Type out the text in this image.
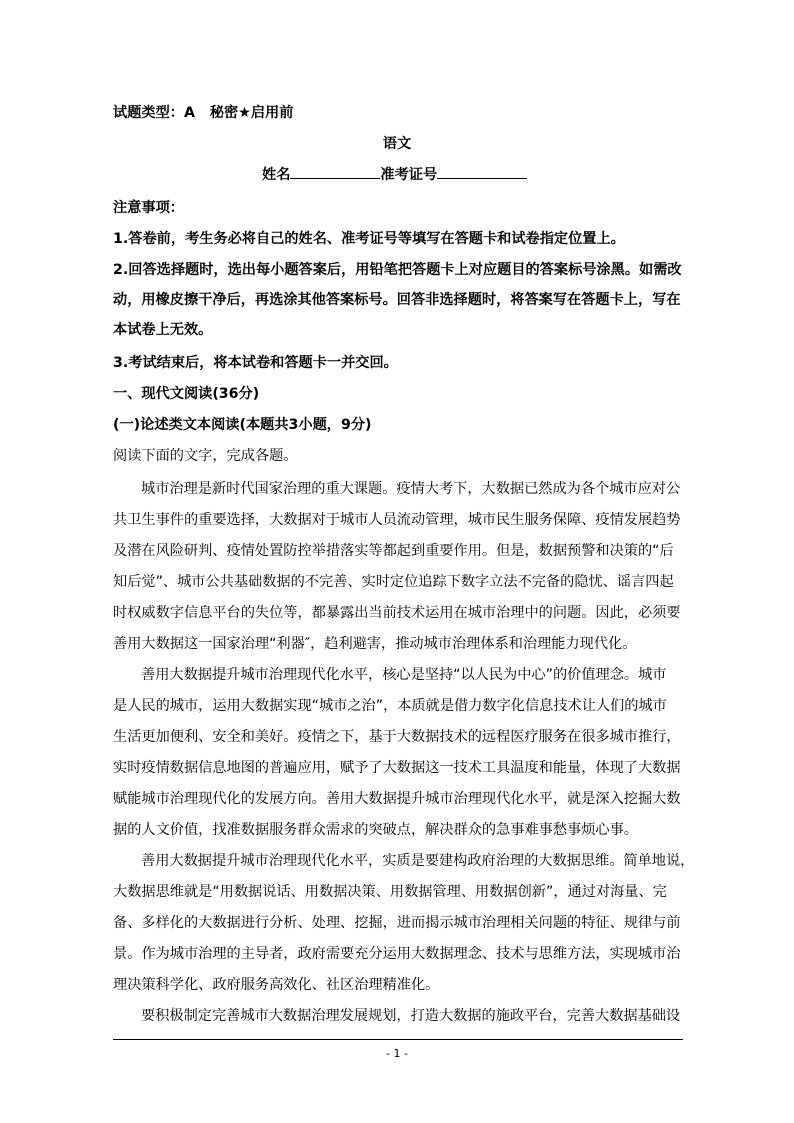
试题类型：A 秘密★启用前
语文
姓名	准考证号
注意事项：
1.答卷前，考生务必将自己的姓名、准考证号等填写在答题卡和试卷指定位置上。
2.回答选择题时，选出每小题答案后，用铅笔把答题卡上对应题目的答案标号涂黑。如需改
动，用橡皮擦干净后，再选涂其他答案标号。回答非选择题时，将答案写在答题卡上，写在
本试卷上无效。
3.考试结束后，将本试卷和答题卡一并交回。
一、现代文阅读(36分)
(一)论述类文本阅读(本题共3小题，9分)
阅读下面的文字，完成各题。
城市治理是新时代国家治理的重大课题。疫情大考下，大数据已然成为各个城市应对公
共卫生事件的重要选择，大数据对于城市人员流动管理，城市民生服务保障、疫情发展趋势
及潜在风险研判、疫情处置防控举措落实等都起到重要作用。但是，数据预警和决策的“后
知后觉”、城市公共基础数据的不完善、实时定位追踪下数字立法不完备的隐忧、谣言四起
时权威数字信息平台的失位等，都暴露出当前技术运用在城市治理中的问题。因此，必须要
善用大数据这一国家治理“利器″，趋利避害，推动城市治理体系和治理能力现代化。
善用大数据提升城市治理现代化水平，核心是坚持“以人民为中心”的价值理念。城市
是人民的城市，运用大数据实现“城市之治”，本质就是借力数字化信息技术让人们的城市
生活更加便利、安全和美好。疫情之下，基于大数据技术的远程医疗服务在很多城市推行，
实时疫情数据信息地图的普遍应用，赋予了大数据这一技术工具温度和能量，体现了大数据
赋能城市治理现代化的发展方向。善用大数据提升城市治理现代化水平，就是深入挖掘大数
据的人文价值，找准数据服务群众需求的突破点，解决群众的急事难事愁事烦心事。
善用大数据提升城市治理现代化水平，实质是要建构政府治理的大数据思维。简单地说，
大数据思维就是“用数据说话、用数据决策、用数据管理、用数据创新”，通过对海量、完
备、多样化的大数据进行分析、处理、挖掘，进而揭示城市治理相关问题的特征、规律与前
景。作为城市治理的主导者，政府需要充分运用大数据理念、技术与思维方法，实现城市治
理决策科学化、政府服务高效化、社区治理精准化。
要积极制定完善城市大数据治理发展规划，打造大数据的施政平台，完善大数据基础设
- 1 -
